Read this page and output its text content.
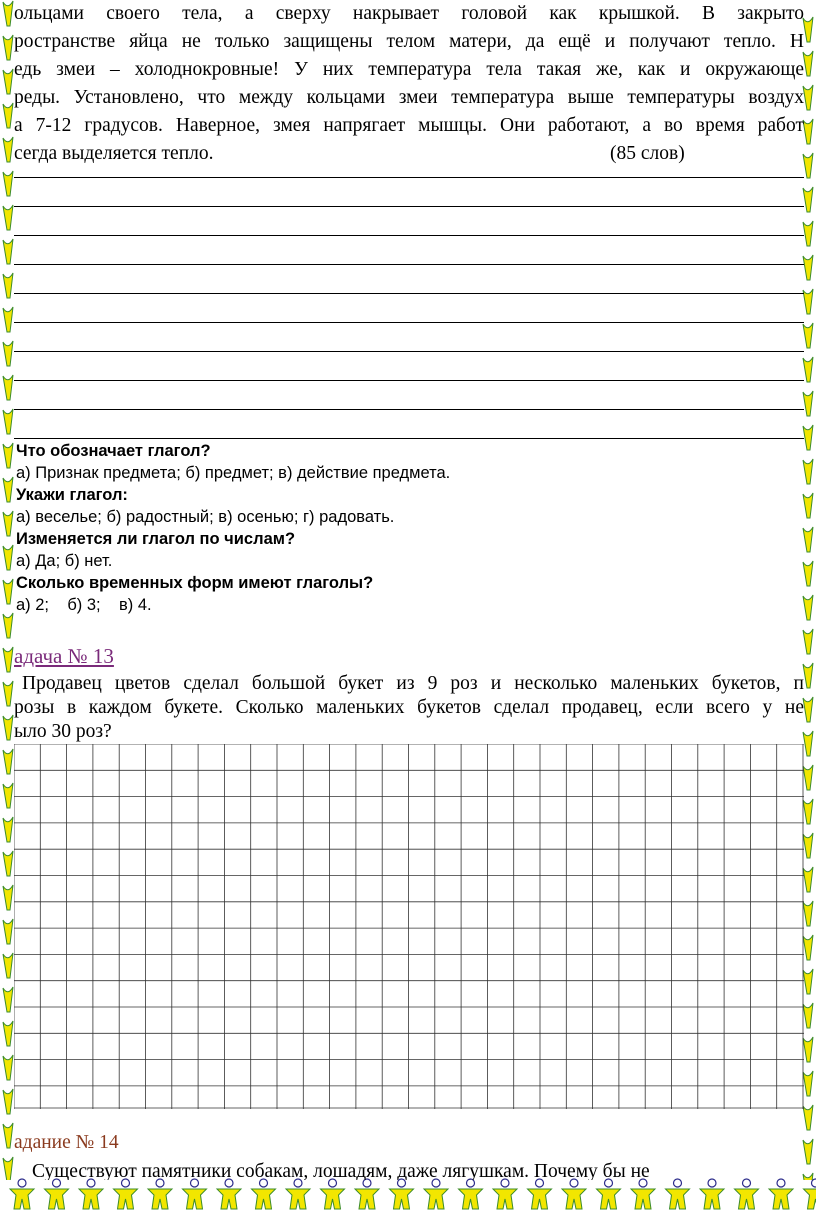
ольцами своего тела, а сверху накрывает головой как крышкой. В закрыто
ространстве яйца не только защищены телом матери, да ещё и получают тепло. Н
едь змеи – холоднокровные! У них температура тела такая же, как и окружающе
реды. Установлено, что между кольцами змеи температура выше температуры воздух
а 7-12 градусов. Наверное, змея напрягает мышцы. Они работают, а во время работ
сегда выделяется тепло.	(85 слов)
Что обозначает глагол?
а) Признак предмета; б) предмет; в) действие предмета.
Укажи глагол:
а) веселье; б) радостный; в) осенью; г) радовать.
Изменяется ли глагол по числам?
а) Да; б) нет.
Сколько временных форм имеют глаголы?
а) 2;    б) 3;    в) 4.
адача № 13
Продавец цветов сделал большой букет из 9 роз и несколько маленьких букетов, п
розы в каждом букете. Сколько маленьких букетов сделал продавец, если всего у не
ыло 30 роз?
адание № 14
Существуют памятники собакам, лошадям, даже лягушкам. Почему бы не
